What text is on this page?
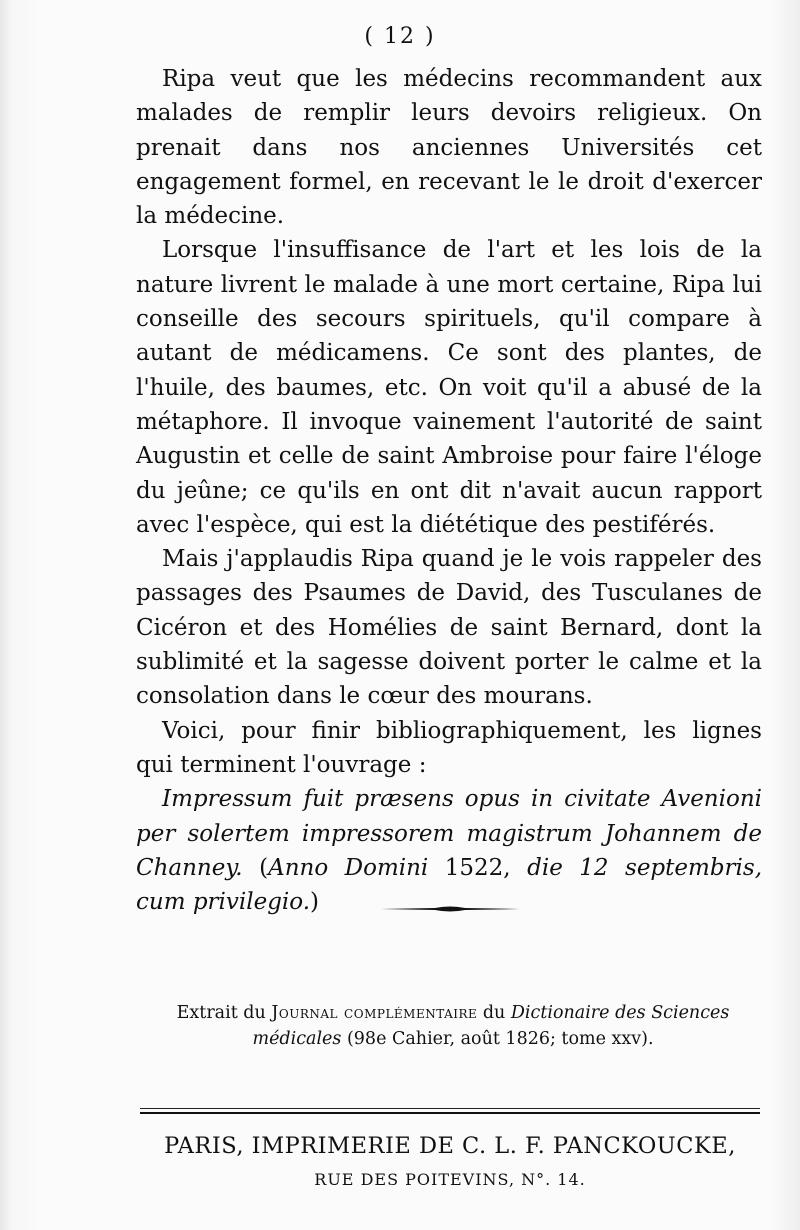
( 12 )

Ripa veut que les médecins recommandent aux malades de remplir leurs devoirs religieux. On prenait dans nos anciennes Universités cet engagement formel, en recevant le le droit d'exercer la médecine.

Lorsque l'insuffisance de l'art et les lois de la nature livrent le malade à une mort certaine, Ripa lui conseille des secours spirituels, qu'il compare à autant de médicamens. Ce sont des plantes, de l'huile, des baumes, etc. On voit qu'il a abusé de la métaphore. Il invoque vainement l'autorité de saint Augustin et celle de saint Ambroise pour faire l'éloge du jeûne; ce qu'ils en ont dit n'avait aucun rapport avec l'espèce, qui est la diététique des pestiférés.

Mais j'applaudis Ripa quand je le vois rappeler des passages des Psaumes de David, des Tusculanes de Cicéron et des Homélies de saint Bernard, dont la sublimité et la sagesse doivent porter le calme et la consolation dans le cœur des mourans.

Voici, pour finir bibliographiquement, les lignes qui terminent l'ouvrage :

Impressum fuit præsens opus in civitate Avenioni per solertem impressorem magistrum Johannem de Channey. (Anno Domini 1522, die 12 septembris, cum privilegio.)

Extrait du Journal complémentaire du Dictionaire des Sciences médicales (98e Cahier, août 1826; tome xxv).
PARIS, IMPRIMERIE DE C. L. F. PANCKOUCKE,
RUE DES POITEVINS, N°. 14.
